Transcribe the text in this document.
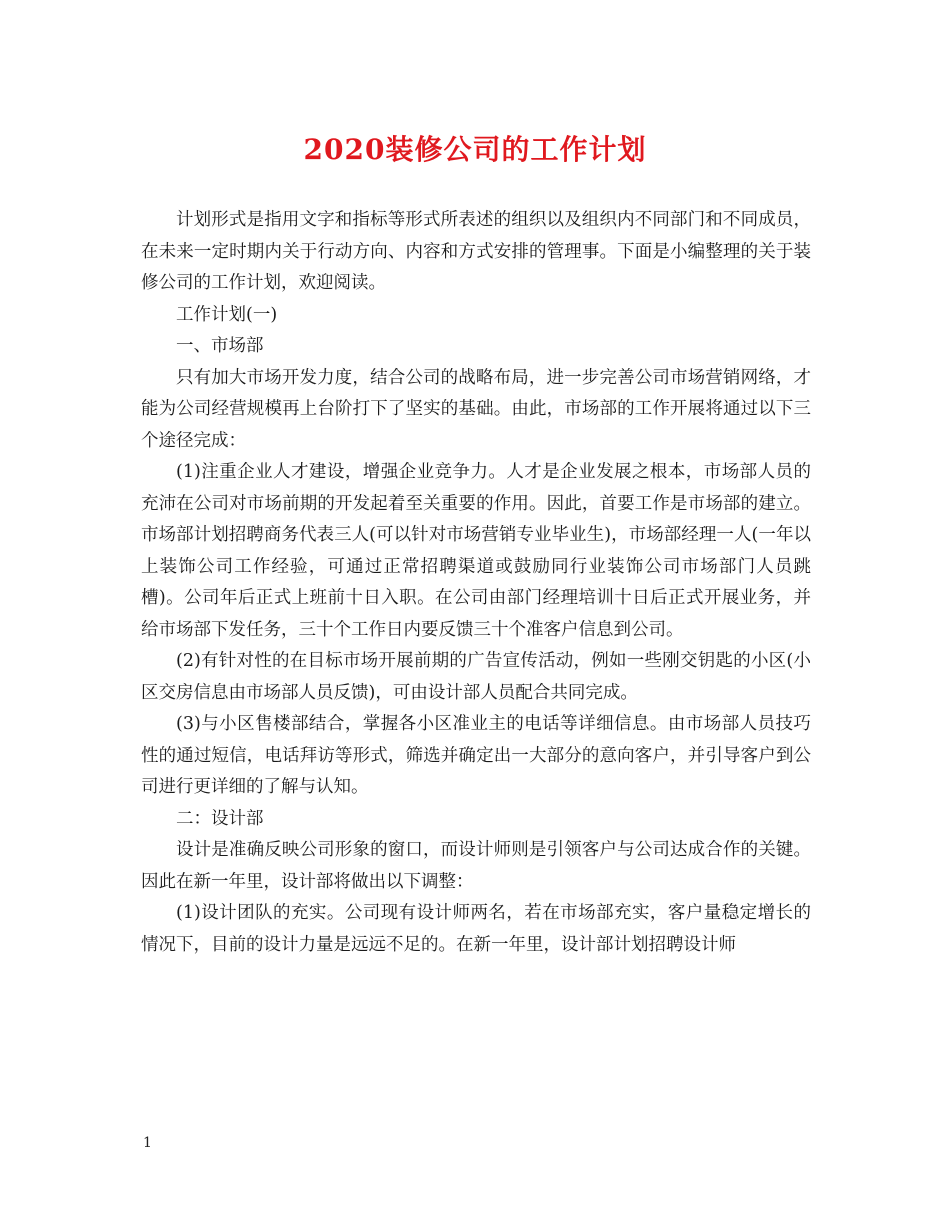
2020装修公司的工作计划

计划形式是指用文字和指标等形式所表述的组织以及组织内不同部门和不同成员，在未来一定时期内关于行动方向、内容和方式安排的管理事。下面是小编整理的关于装修公司的工作计划，欢迎阅读。

工作计划(一)

一、市场部

只有加大市场开发力度，结合公司的战略布局，进一步完善公司市场营销网络，才能为公司经营规模再上台阶打下了坚实的基础。由此，市场部的工作开展将通过以下三个途径完成：

(1)注重企业人才建设，增强企业竞争力。人才是企业发展之根本，市场部人员的充沛在公司对市场前期的开发起着至关重要的作用。因此，首要工作是市场部的建立。市场部计划招聘商务代表三人(可以针对市场营销专业毕业生)，市场部经理一人(一年以上装饰公司工作经验，可通过正常招聘渠道或鼓励同行业装饰公司市场部门人员跳槽)。公司年后正式上班前十日入职。在公司由部门经理培训十日后正式开展业务，并给市场部下发任务，三十个工作日内要反馈三十个准客户信息到公司。

(2)有针对性的在目标市场开展前期的广告宣传活动，例如一些刚交钥匙的小区(小区交房信息由市场部人员反馈)，可由设计部人员配合共同完成。

(3)与小区售楼部结合，掌握各小区准业主的电话等详细信息。由市场部人员技巧性的通过短信，电话拜访等形式，筛选并确定出一大部分的意向客户，并引导客户到公司进行更详细的了解与认知。

二：设计部

设计是准确反映公司形象的窗口，而设计师则是引领客户与公司达成合作的关键。因此在新一年里，设计部将做出以下调整：

(1)设计团队的充实。公司现有设计师两名，若在市场部充实，客户量稳定增长的情况下，目前的设计力量是远远不足的。在新一年里，设计部计划招聘设计师

1
